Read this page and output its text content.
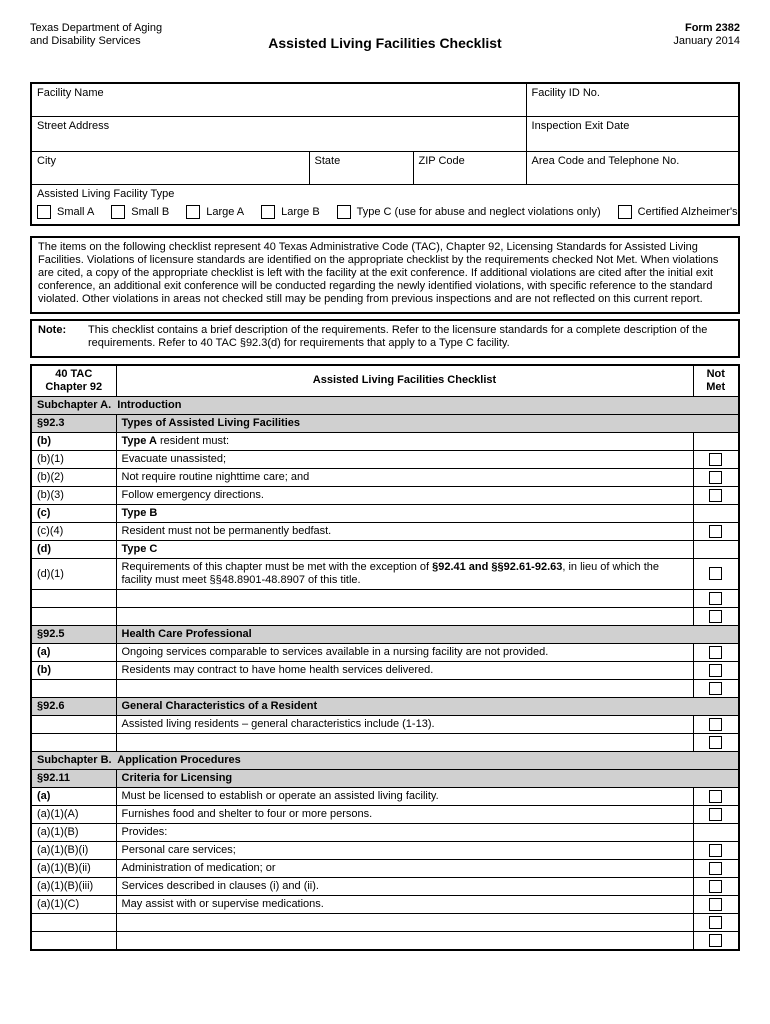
Texas Department of Aging
and Disability Services	Assisted Living Facilities Checklist
Form 2382
January 2014
Facility Name			Facility ID No.

Street Address			Inspection Exit Date

City	State	ZIP Code	Area Code and Telephone No.

Assisted Living Facility Type
Small A	Small B	Large A	Large B	Type C (use for abuse and neglect violations only)	Certified Alzheimer's
The items on the following checklist represent 40 Texas Administrative Code (TAC), Chapter 92, Licensing Standards for Assisted Living Facilities. Violations of licensure standards are identified on the appropriate checklist by the requirements checked Not Met. When violations are cited, a copy of the appropriate checklist is left with the facility at the exit conference. If additional violations are cited after the initial exit conference, an additional exit conference will be conducted regarding the newly identified violations, with specific reference to the standard violated. Other violations in areas not checked still may be pending from previous inspections and are not reflected on this current report.
Note:	This checklist contains a brief description of the requirements. Refer to the licensure standards for a complete description of the requirements. Refer to 40 TAC §92.3(d) for requirements that apply to a Type C facility.
40 TAC
Chapter 92
	Assisted Living Facilities Checklist	
Not
Met

Subchapter A.  Introduction		
§92.3	Types of Assisted Living Facilities	
(b)	Type A resident must:	
(b)(1)	Evacuate unassisted;	
(b)(2)	Not require routine nighttime care; and	
(b)(3)	Follow emergency directions.	
(c)	Type B	
(c)(4)	Resident must not be permanently bedfast.	
(d)	Type C	
(d)(1)	Requirements of this chapter must be met with the exception of §92.41 and §§92.61-92.63, in lieu of which the facility must meet §§48.8901-48.8907 of this title.	

§92.5	Health Care Professional	
(a)	Ongoing services comparable to services available in a nursing facility are not provided.	
(b)	Residents may contract to have home health services delivered.	

§92.6	General Characteristics of a Resident	
	Assisted living residents – general characteristics include (1-13).	

Subchapter B.  Application Procedures		
§92.11	Criteria for Licensing	
(a)	Must be licensed to establish or operate an assisted living facility.	
(a)(1)(A)	Furnishes food and shelter to four or more persons.	
(a)(1)(B)	Provides:	
(a)(1)(B)(i)	Personal care services;	
(a)(1)(B)(ii)	Administration of medication; or	
(a)(1)(B)(iii)	Services described in clauses (i) and (ii).	
(a)(1)(C)	May assist with or supervise medications.	
